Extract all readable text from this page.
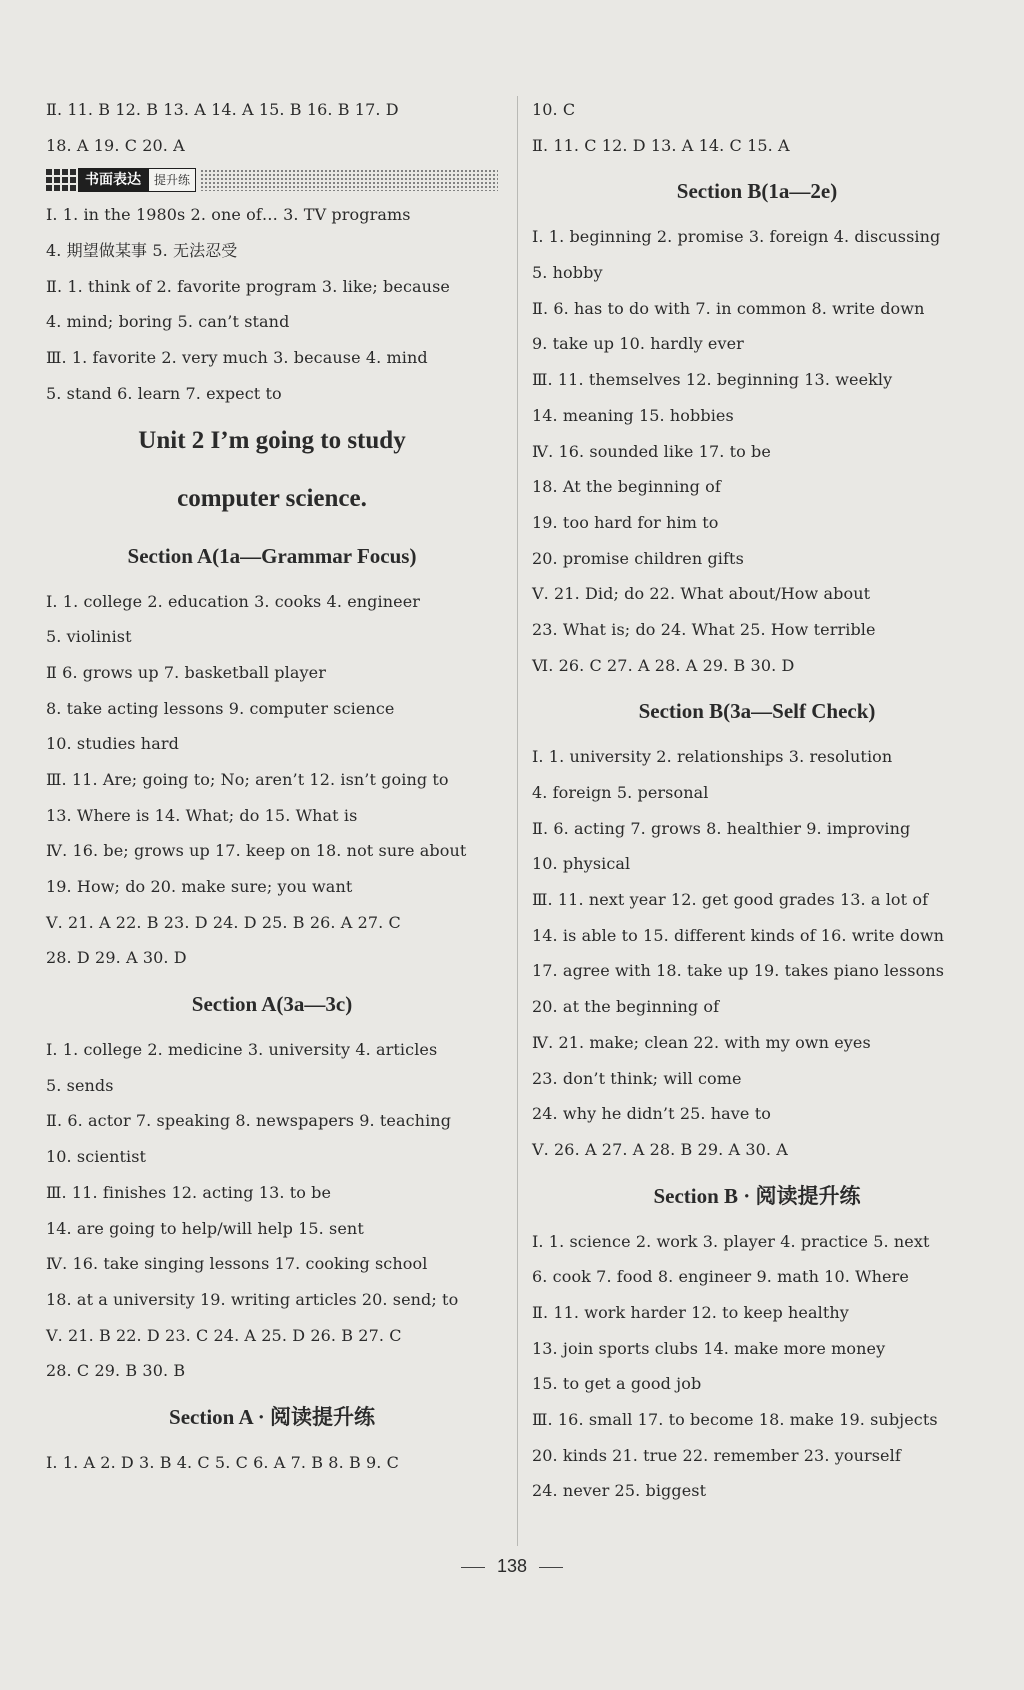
Ⅱ. 11. B 12. B 13. A 14. A 15. B 16. B 17. D
18. A 19. C 20. A
书面表达	提升练
Ⅰ. 1. in the 1980s 2. one of… 3. TV programs
4. 期望做某事 5. 无法忍受
Ⅱ. 1. think of 2. favorite program 3. like; because
4. mind; boring 5. can’t stand
Ⅲ. 1. favorite 2. very much 3. because 4. mind
5. stand 6. learn 7. expect to
Unit 2 I’m going to study
computer science.
Section A(1a—Grammar Focus)
Ⅰ. 1. college 2. education 3. cooks 4. engineer
5. violinist
Ⅱ 6. grows up 7. basketball player
8. take acting lessons 9. computer science
10. studies hard
Ⅲ. 11. Are; going to; No; aren’t 12. isn’t going to
13. Where is 14. What; do 15. What is
Ⅳ. 16. be; grows up 17. keep on 18. not sure about
19. How; do 20. make sure; you want
Ⅴ. 21. A 22. B 23. D 24. D 25. B 26. A 27. C
28. D 29. A 30. D
Section A(3a—3c)
Ⅰ. 1. college 2. medicine 3. university 4. articles
5. sends
Ⅱ. 6. actor 7. speaking 8. newspapers 9. teaching
10. scientist
Ⅲ. 11. finishes 12. acting 13. to be
14. are going to help/will help 15. sent
Ⅳ. 16. take singing lessons 17. cooking school
18. at a university 19. writing articles 20. send; to
Ⅴ. 21. B 22. D 23. C 24. A 25. D 26. B 27. C
28. C 29. B 30. B
Section A · 阅读提升练
Ⅰ. 1. A 2. D 3. B 4. C 5. C 6. A 7. B 8. B 9. C
10. C
Ⅱ. 11. C 12. D 13. A 14. C 15. A
Section B(1a—2e)
Ⅰ. 1. beginning 2. promise 3. foreign 4. discussing
5. hobby
Ⅱ. 6. has to do with 7. in common 8. write down
9. take up 10. hardly ever
Ⅲ. 11. themselves 12. beginning 13. weekly
14. meaning 15. hobbies
Ⅳ. 16. sounded like 17. to be
18. At the beginning of
19. too hard for him to
20. promise children gifts
Ⅴ. 21. Did; do 22. What about/How about
23. What is; do 24. What 25. How terrible
Ⅵ. 26. C 27. A 28. A 29. B 30. D
Section B(3a—Self Check)
Ⅰ. 1. university 2. relationships 3. resolution
4. foreign 5. personal
Ⅱ. 6. acting 7. grows 8. healthier 9. improving
10. physical
Ⅲ. 11. next year 12. get good grades 13. a lot of
14. is able to 15. different kinds of 16. write down
17. agree with 18. take up 19. takes piano lessons
20. at the beginning of
Ⅳ. 21. make; clean 22. with my own eyes
23. don’t think; will come
24. why he didn’t 25. have to
Ⅴ. 26. A 27. A 28. B 29. A 30. A
Section B · 阅读提升练
Ⅰ. 1. science 2. work 3. player 4. practice 5. next
6. cook 7. food 8. engineer 9. math 10. Where
Ⅱ. 11. work harder 12. to keep healthy
13. join sports clubs 14. make more money
15. to get a good job
Ⅲ. 16. small 17. to become 18. make 19. subjects
20. kinds 21. true 22. remember 23. yourself
24. never 25. biggest
138
